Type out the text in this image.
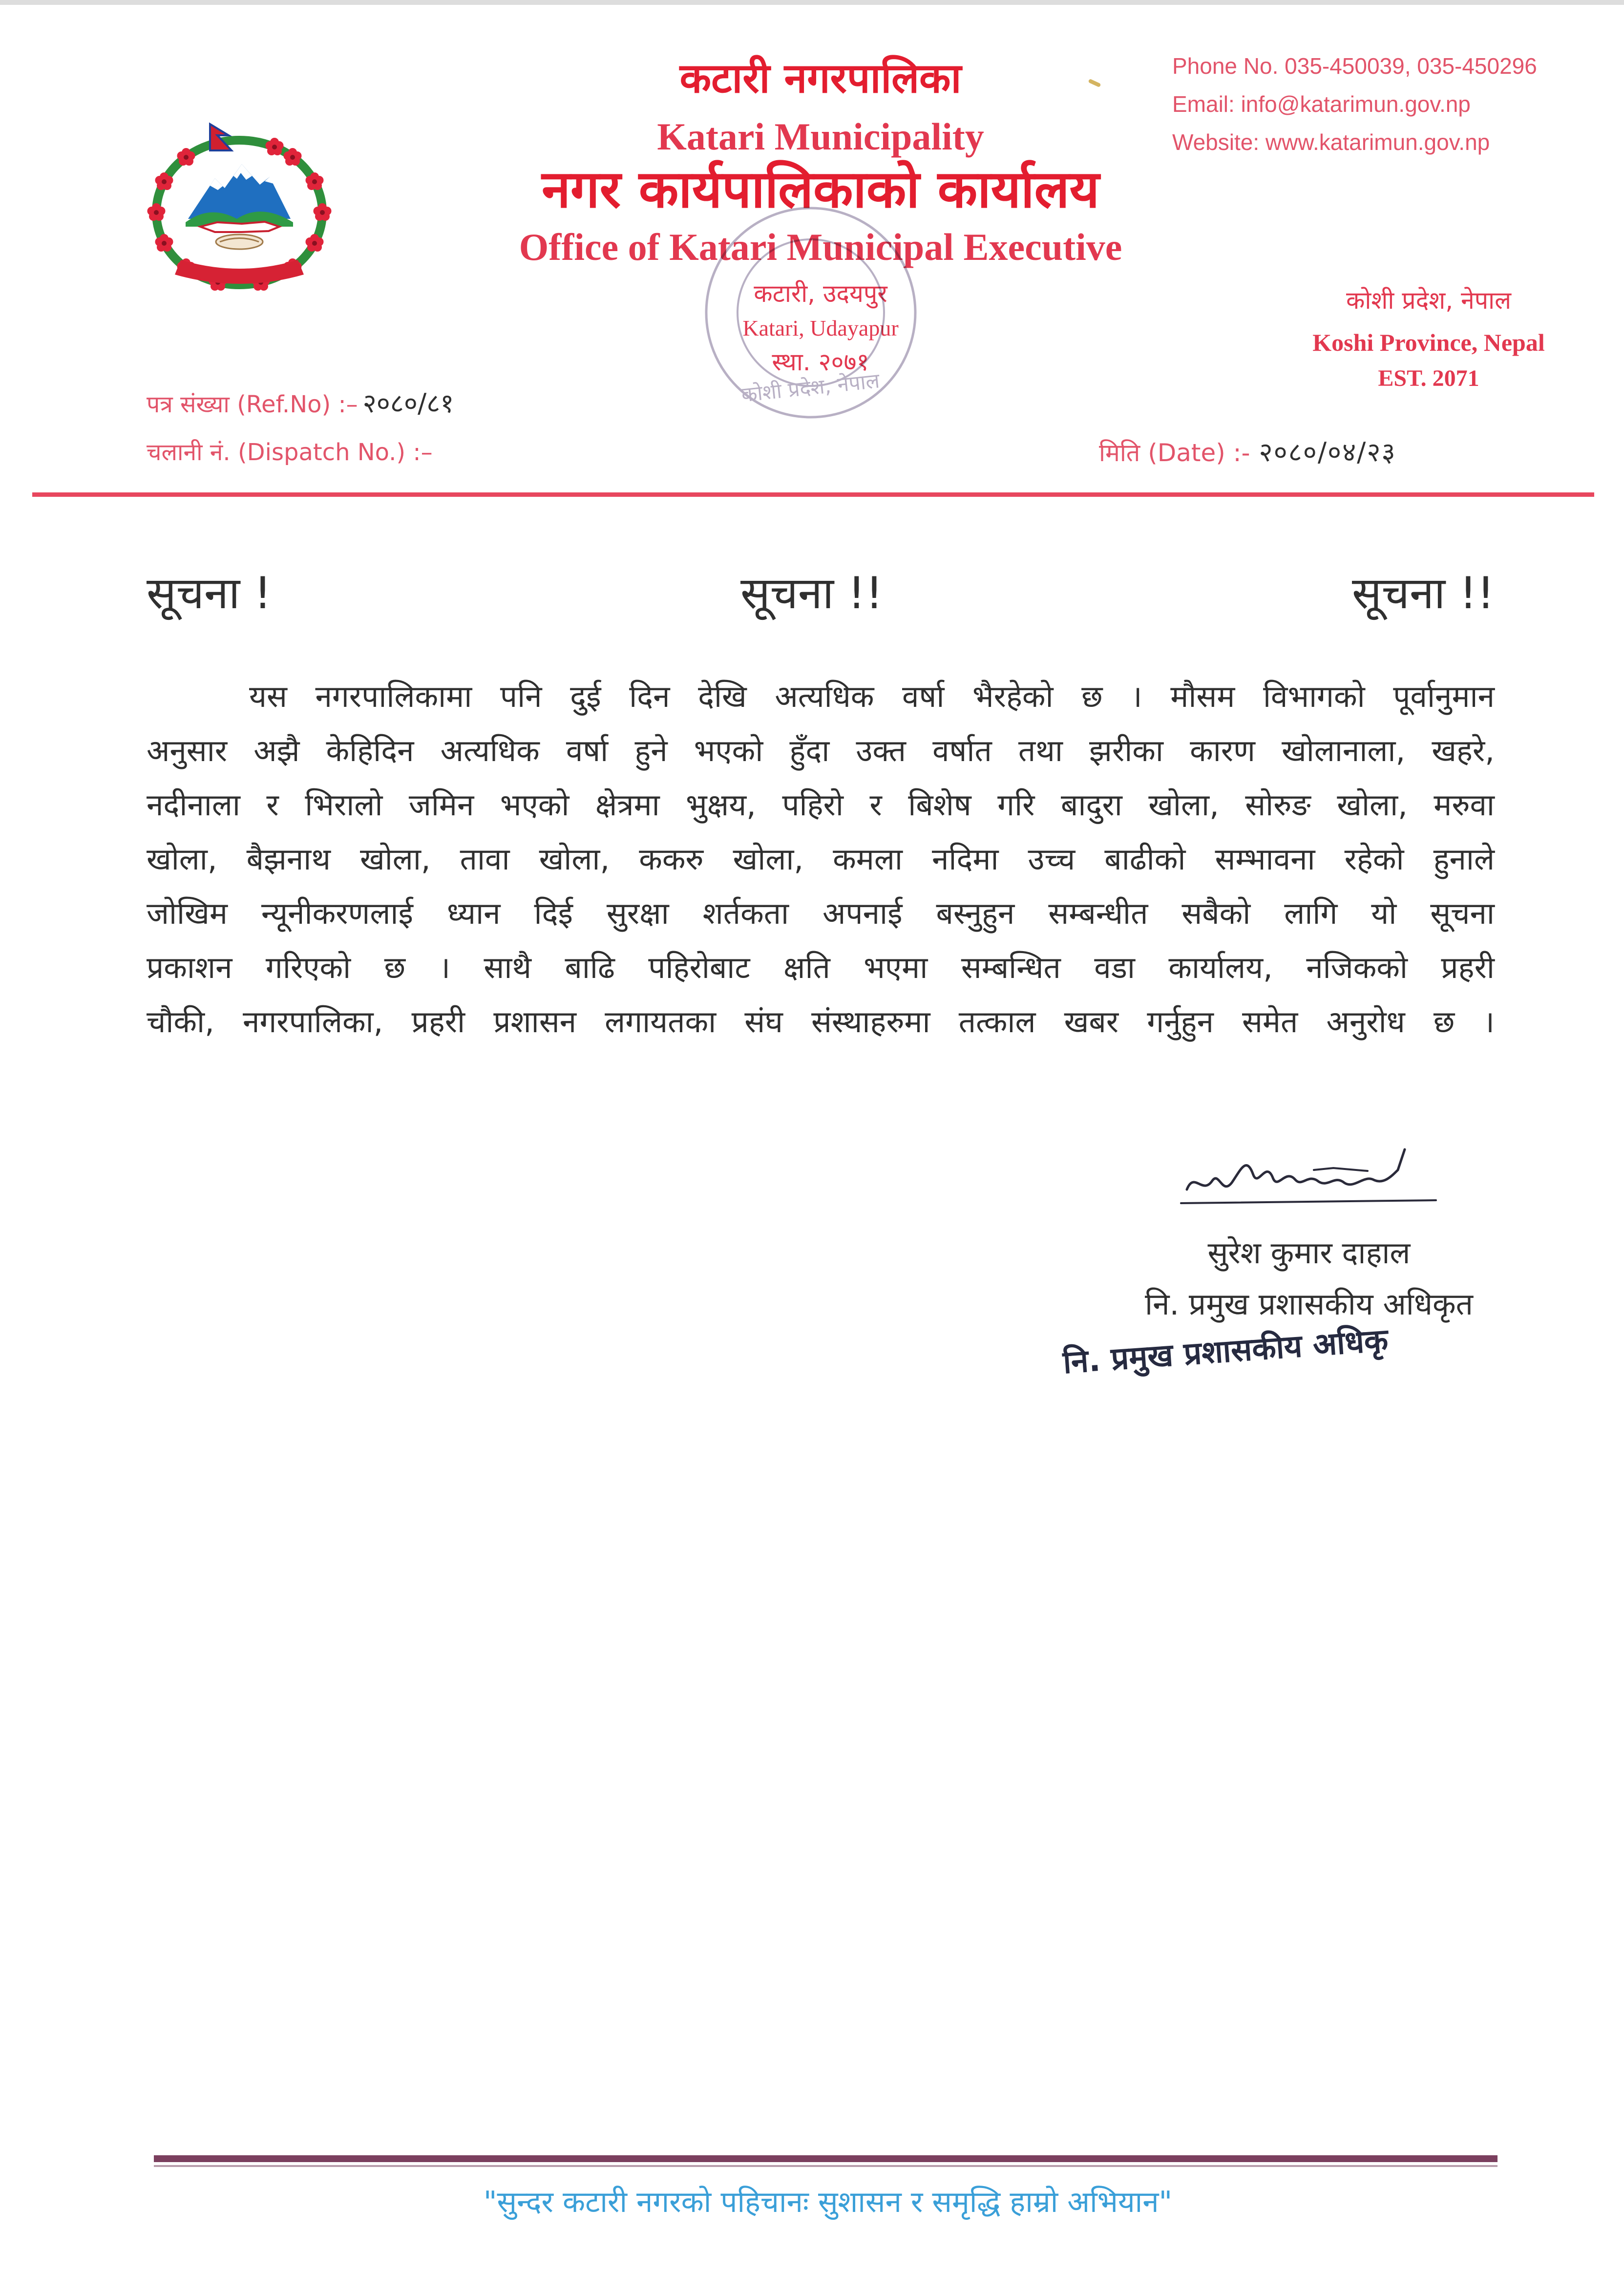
कटारी नगरपालिका
Katari Municipality
नगर कार्यपालिकाको कार्यालय
Office of Katari Municipal Executive
कटारी, उदयपुर
Katari, Udayapur
स्था. २०७१
Phone No. 035-450039, 035-450296
Email: info@katarimun.gov.np
Website: www.katarimun.gov.np
कोशी प्रदेश, नेपाल
Koshi Province, Nepal
EST. 2071
पत्र संख्या (Ref.No) :– २०८०/८१
चलानी नं. (Dispatch No.) :–	मिति (Date) :- २०८०/०४/२३
कोशी प्रदेश, नेपाल
सूचना !	सूचना !!	सूचना !!
यस नगरपालिकामा पनि दुई दिन देखि अत्यधिक वर्षा भैरहेको छ । मौसम विभागको पूर्वानुमान
अनुसार अझै केहिदिन अत्यधिक वर्षा हुने भएको हुँदा उक्त वर्षात तथा झरीका कारण खोलानाला, खहरे,
नदीनाला र भिरालो जमिन भएको क्षेत्रमा भुक्षय, पहिरो र बिशेष गरि बादुरा खोला, सोरुङ खोला, मरुवा
खोला, बैझनाथ खोला, तावा खोला, ककरु खोला, कमला नदिमा उच्च बाढीको सम्भावना रहेको हुनाले
जोखिम न्यूनीकरणलाई ध्यान दिई सुरक्षा शर्तकता अपनाई बस्नुहुन सम्बन्धीत सबैको लागि यो सूचना
प्रकाशन गरिएको छ । साथै बाढि पहिरोबाट क्षति भएमा सम्बन्धित वडा कार्यालय, नजिकको प्रहरी
चौकी, नगरपालिका, प्रहरी प्रशासन लगायतका संघ संस्थाहरुमा तत्काल खबर गर्नुहुन समेत अनुरोध छ ।
सुरेश कुमार दाहाल
नि. प्रमुख प्रशासकीय अधिकृत
नि. प्रमुख प्रशासकीय अधिकृ
"सुन्दर कटारी नगरको पहिचानः सुशासन र समृद्धि हाम्रो अभियान"
